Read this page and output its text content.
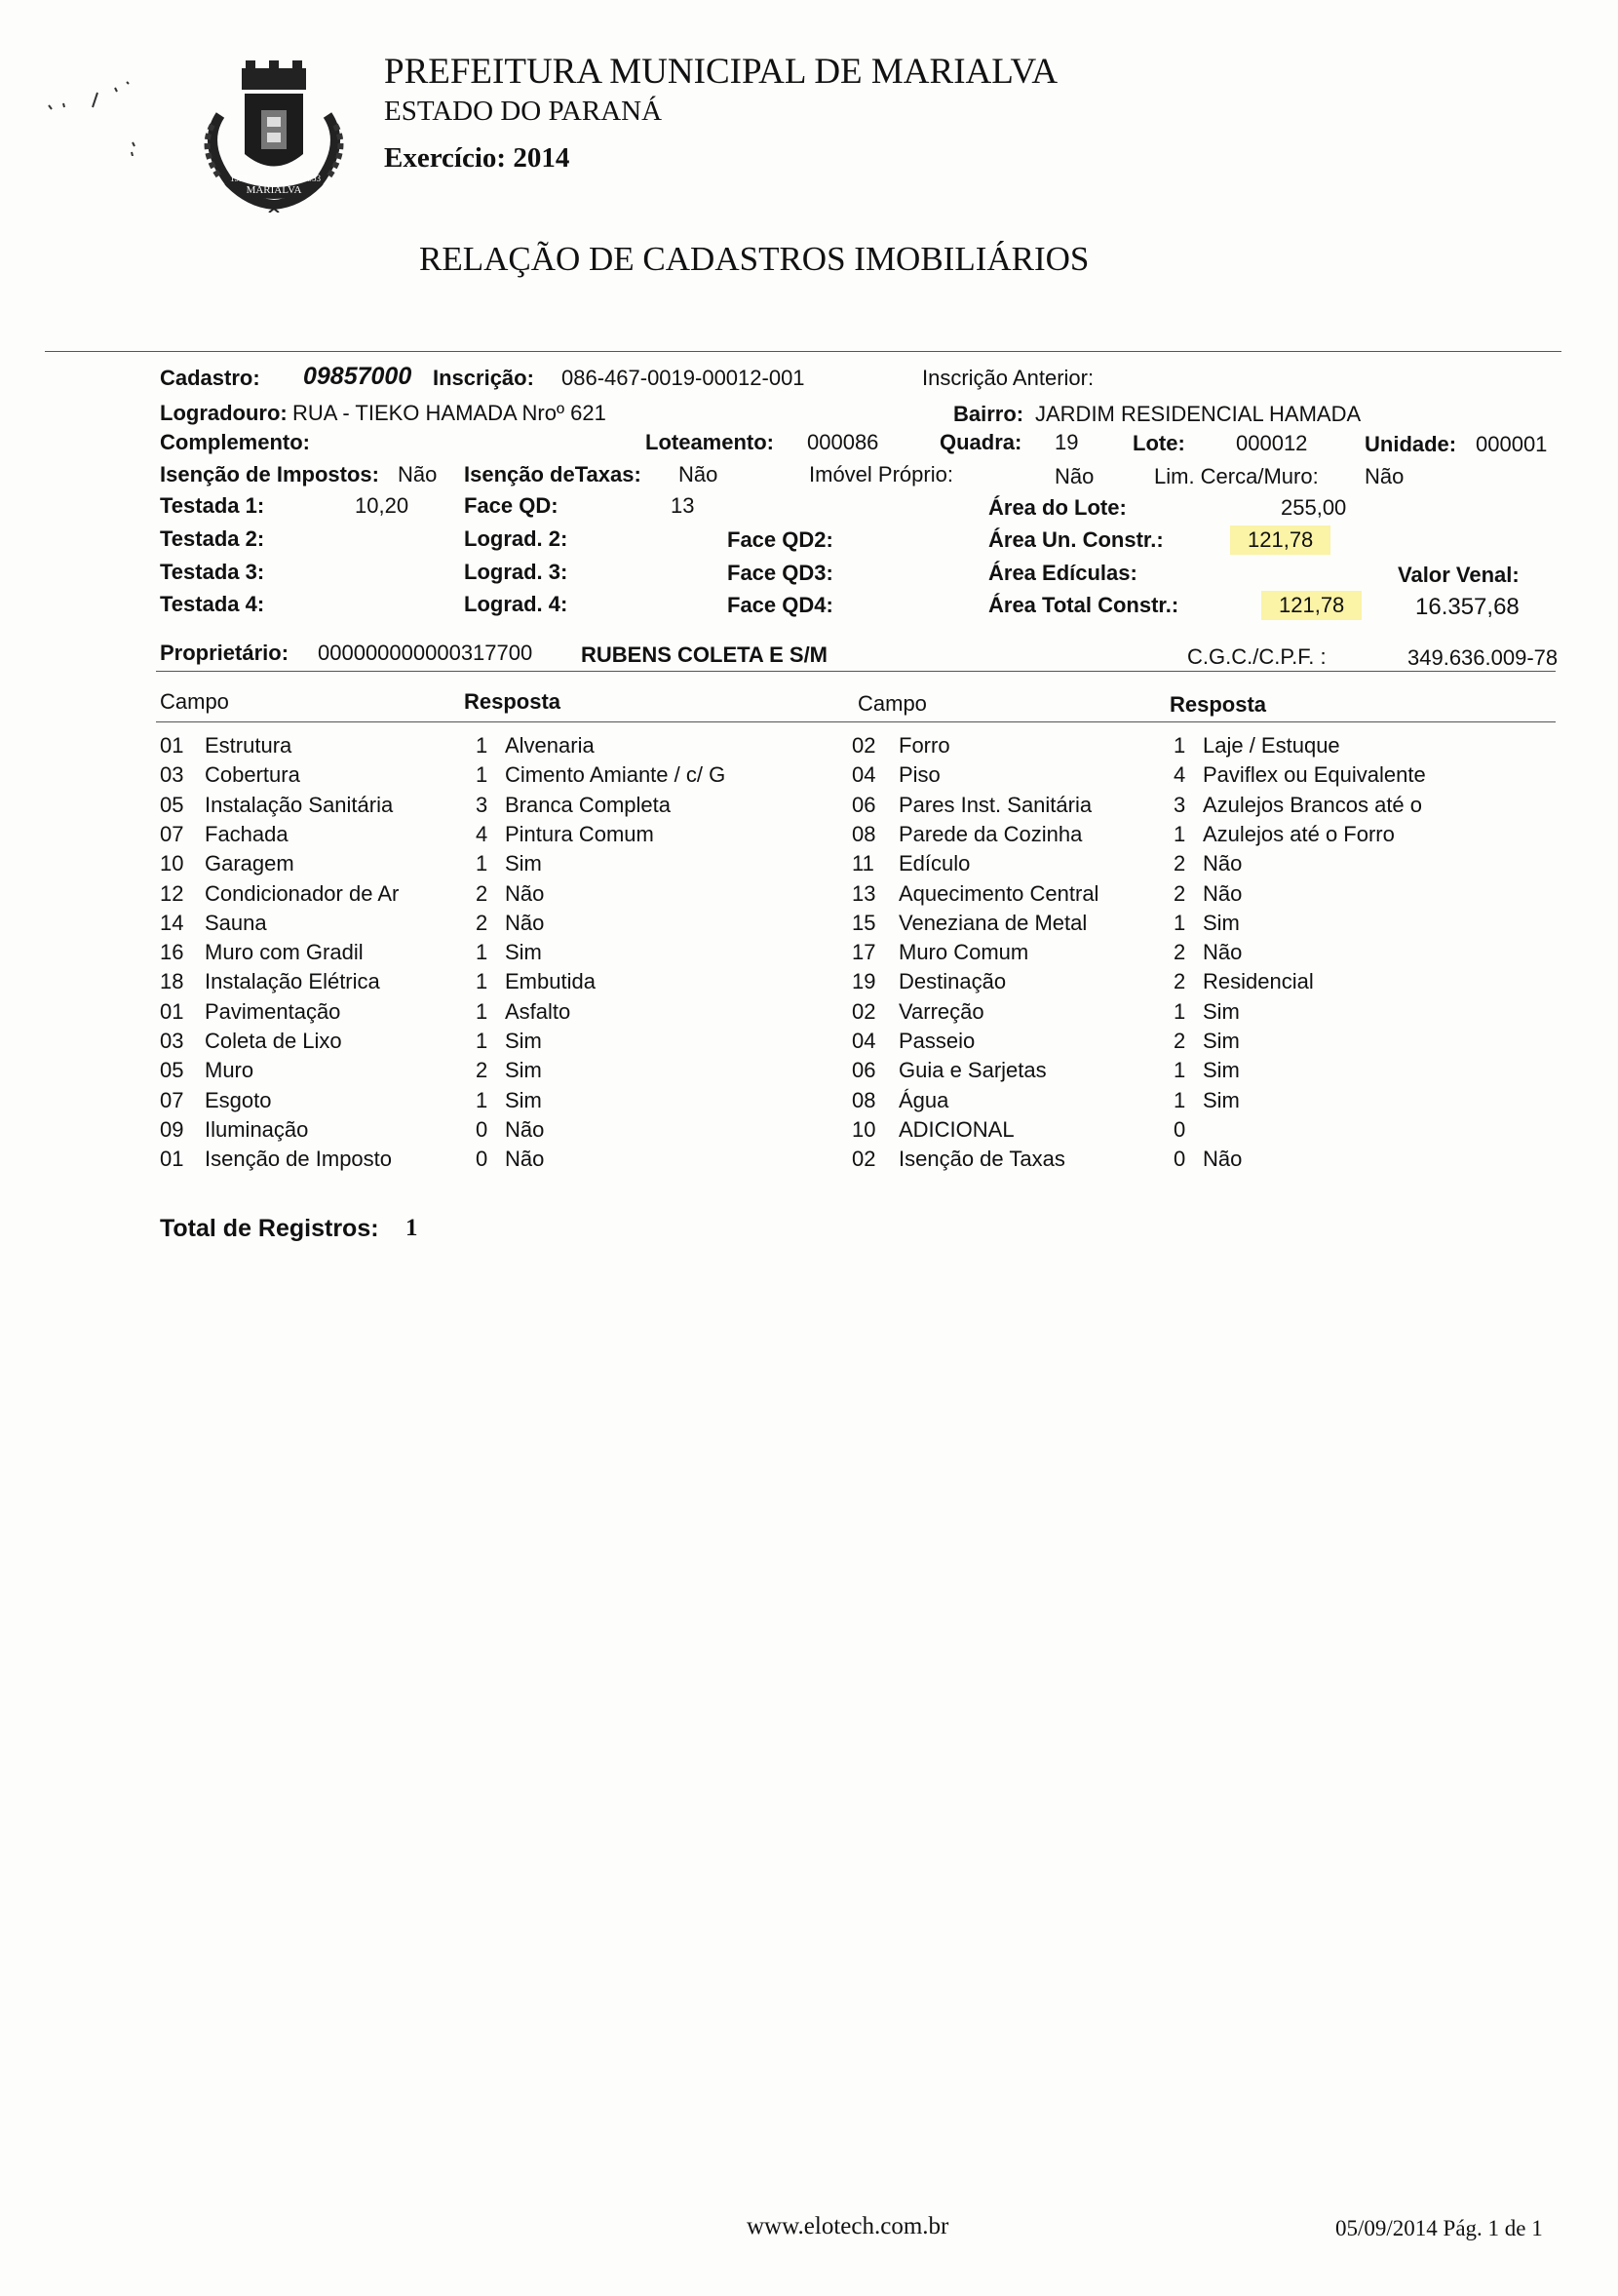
MARIALVA
1951	1953
PREFEITURA MUNICIPAL DE MARIALVA
ESTADO DO PARANÁ
Exercício: 2014
RELAÇÃO DE CADASTROS IMOBILIÁRIOS
Cadastro: 09857000 Inscrição: 086-467-0019-00012-001	Inscrição Anterior:
Logradouro: RUA - TIEKO HAMADA Nroº 621	Bairro: JARDIM RESIDENCIAL HAMADA
Complemento:	Loteamento: 000086	Quadra: 19	Lote: 000012	Unidade: 000001
Isenção de Impostos: Não Isenção deTaxas: Não	Imóvel Próprio:	Não	Lim. Cerca/Muro: Não
Testada 1:	10,20	Face QD:	13	Área do Lote:	255,00
Testada 2:	Lograd. 2:	Face QD2:	Área Un. Constr.:	121,78
Testada 3:	Lograd. 3:	Face QD3:	Área Edículas:	Valor Venal:
Testada 4:	Lograd. 4:	Face QD4:	Área Total Constr.:	121,78	16.357,68
Proprietário: 000000000000317700 RUBENS COLETA E S/M	C.G.C./C.P.F. :	349.636.009-78
Campo	Resposta	Campo	Resposta
01 Estrutura	1 Alvenaria	02 Forro	1 Laje / Estuque
03 Cobertura	1 Cimento Amiante / c/ G	04 Piso	4 Paviflex ou Equivalente
05 Instalação Sanitária	3 Branca Completa	06 Pares Inst. Sanitária	3 Azulejos Brancos até o
07 Fachada	4 Pintura Comum	08 Parede da Cozinha	1 Azulejos até o Forro
10 Garagem	1 Sim	11 Edículo	2 Não
12 Condicionador de Ar	2 Não	13 Aquecimento Central	2 Não
14 Sauna	2 Não	15 Veneziana de Metal	1 Sim
16 Muro com Gradil	1 Sim	17 Muro Comum	2 Não
18 Instalação Elétrica	1 Embutida	19 Destinação	2 Residencial
01 Pavimentação	1 Asfalto	02 Varreção	1 Sim
03 Coleta de Lixo	1 Sim	04 Passeio	2 Sim
05 Muro	2 Sim	06 Guia e Sarjetas	1 Sim
07 Esgoto	1 Sim	08 Água	1 Sim
09 Iluminação	0 Não	10 ADICIONAL	0
01 Isenção de Imposto	0 Não	02 Isenção de Taxas	0 Não
Total de Registros: 1
www.elotech.com.br	05/09/2014 Pág. 1 de 1
